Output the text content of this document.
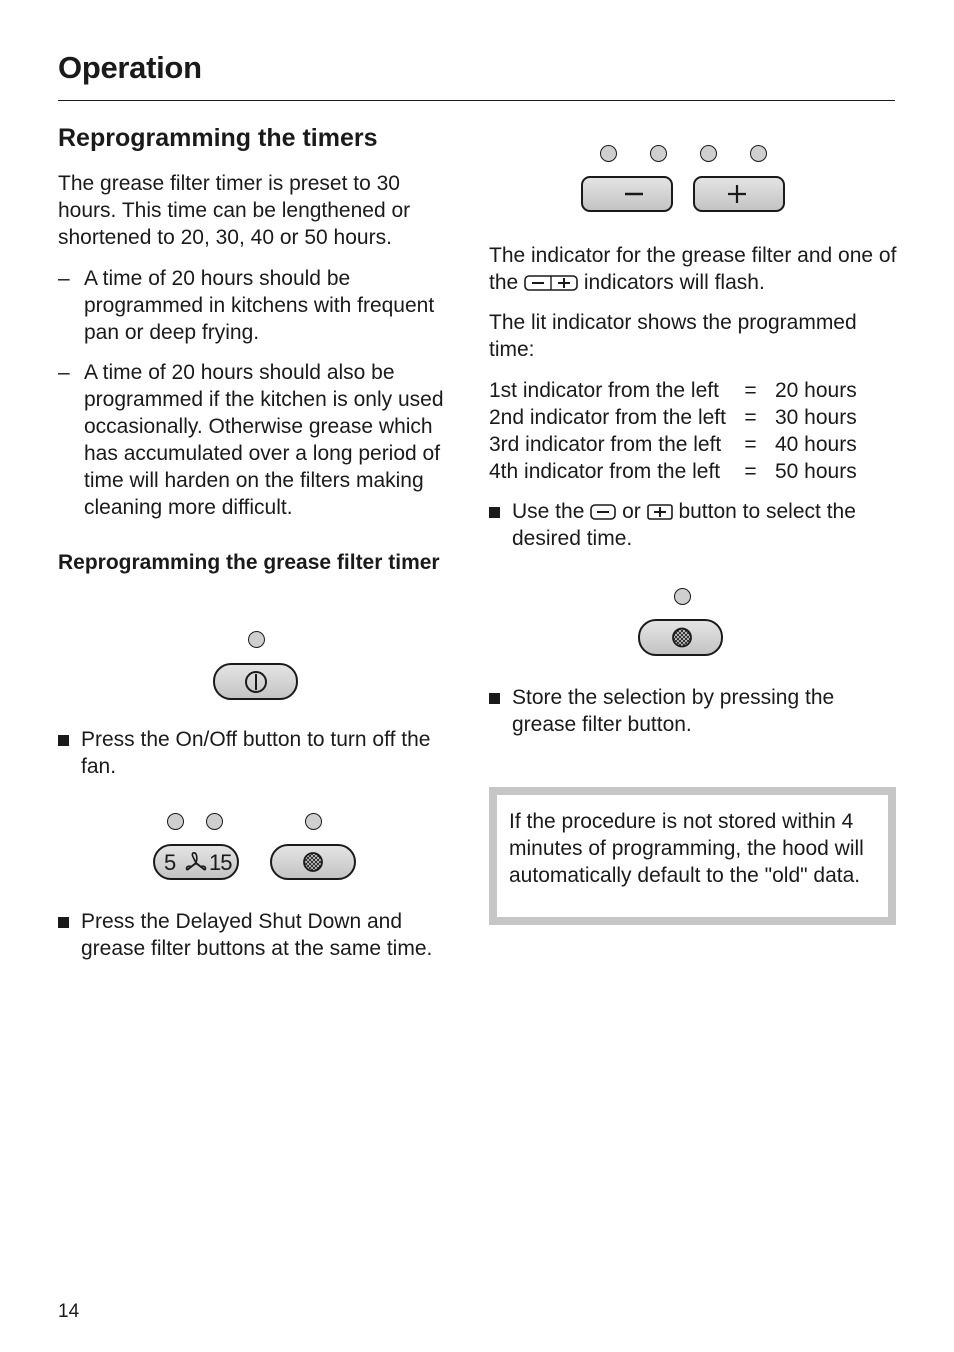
Operation
Reprogramming the timers
The grease filter timer is preset to 30 hours. This time can be lengthened or shortened to 20, 30, 40 or 50 hours.
– A time of 20 hours should be programmed in kitchens with frequent pan or deep frying.
– A time of 20 hours should also be programmed if the kitchen is only used occasionally. Otherwise grease which has accumulated over a long period of time will harden on the filters making cleaning more difficult.
Reprogramming the grease filter timer
Press the On/Off button to turn off the fan.
5 15
Press the Delayed Shut Down and grease filter buttons at the same time.
The indicator for the grease filter and one of the	indicators will flash.
The lit indicator shows the programmed time:
1st indicator from the left	=	20 hours
2nd indicator from the left	=	30 hours
3rd indicator from the left	=	40 hours
4th indicator from the left	=	50 hours
Use the or button to select the desired time.
Store the selection by pressing the grease filter button.
If the procedure is not stored within 4 minutes of programming, the hood will automatically default to the "old" data.
14
